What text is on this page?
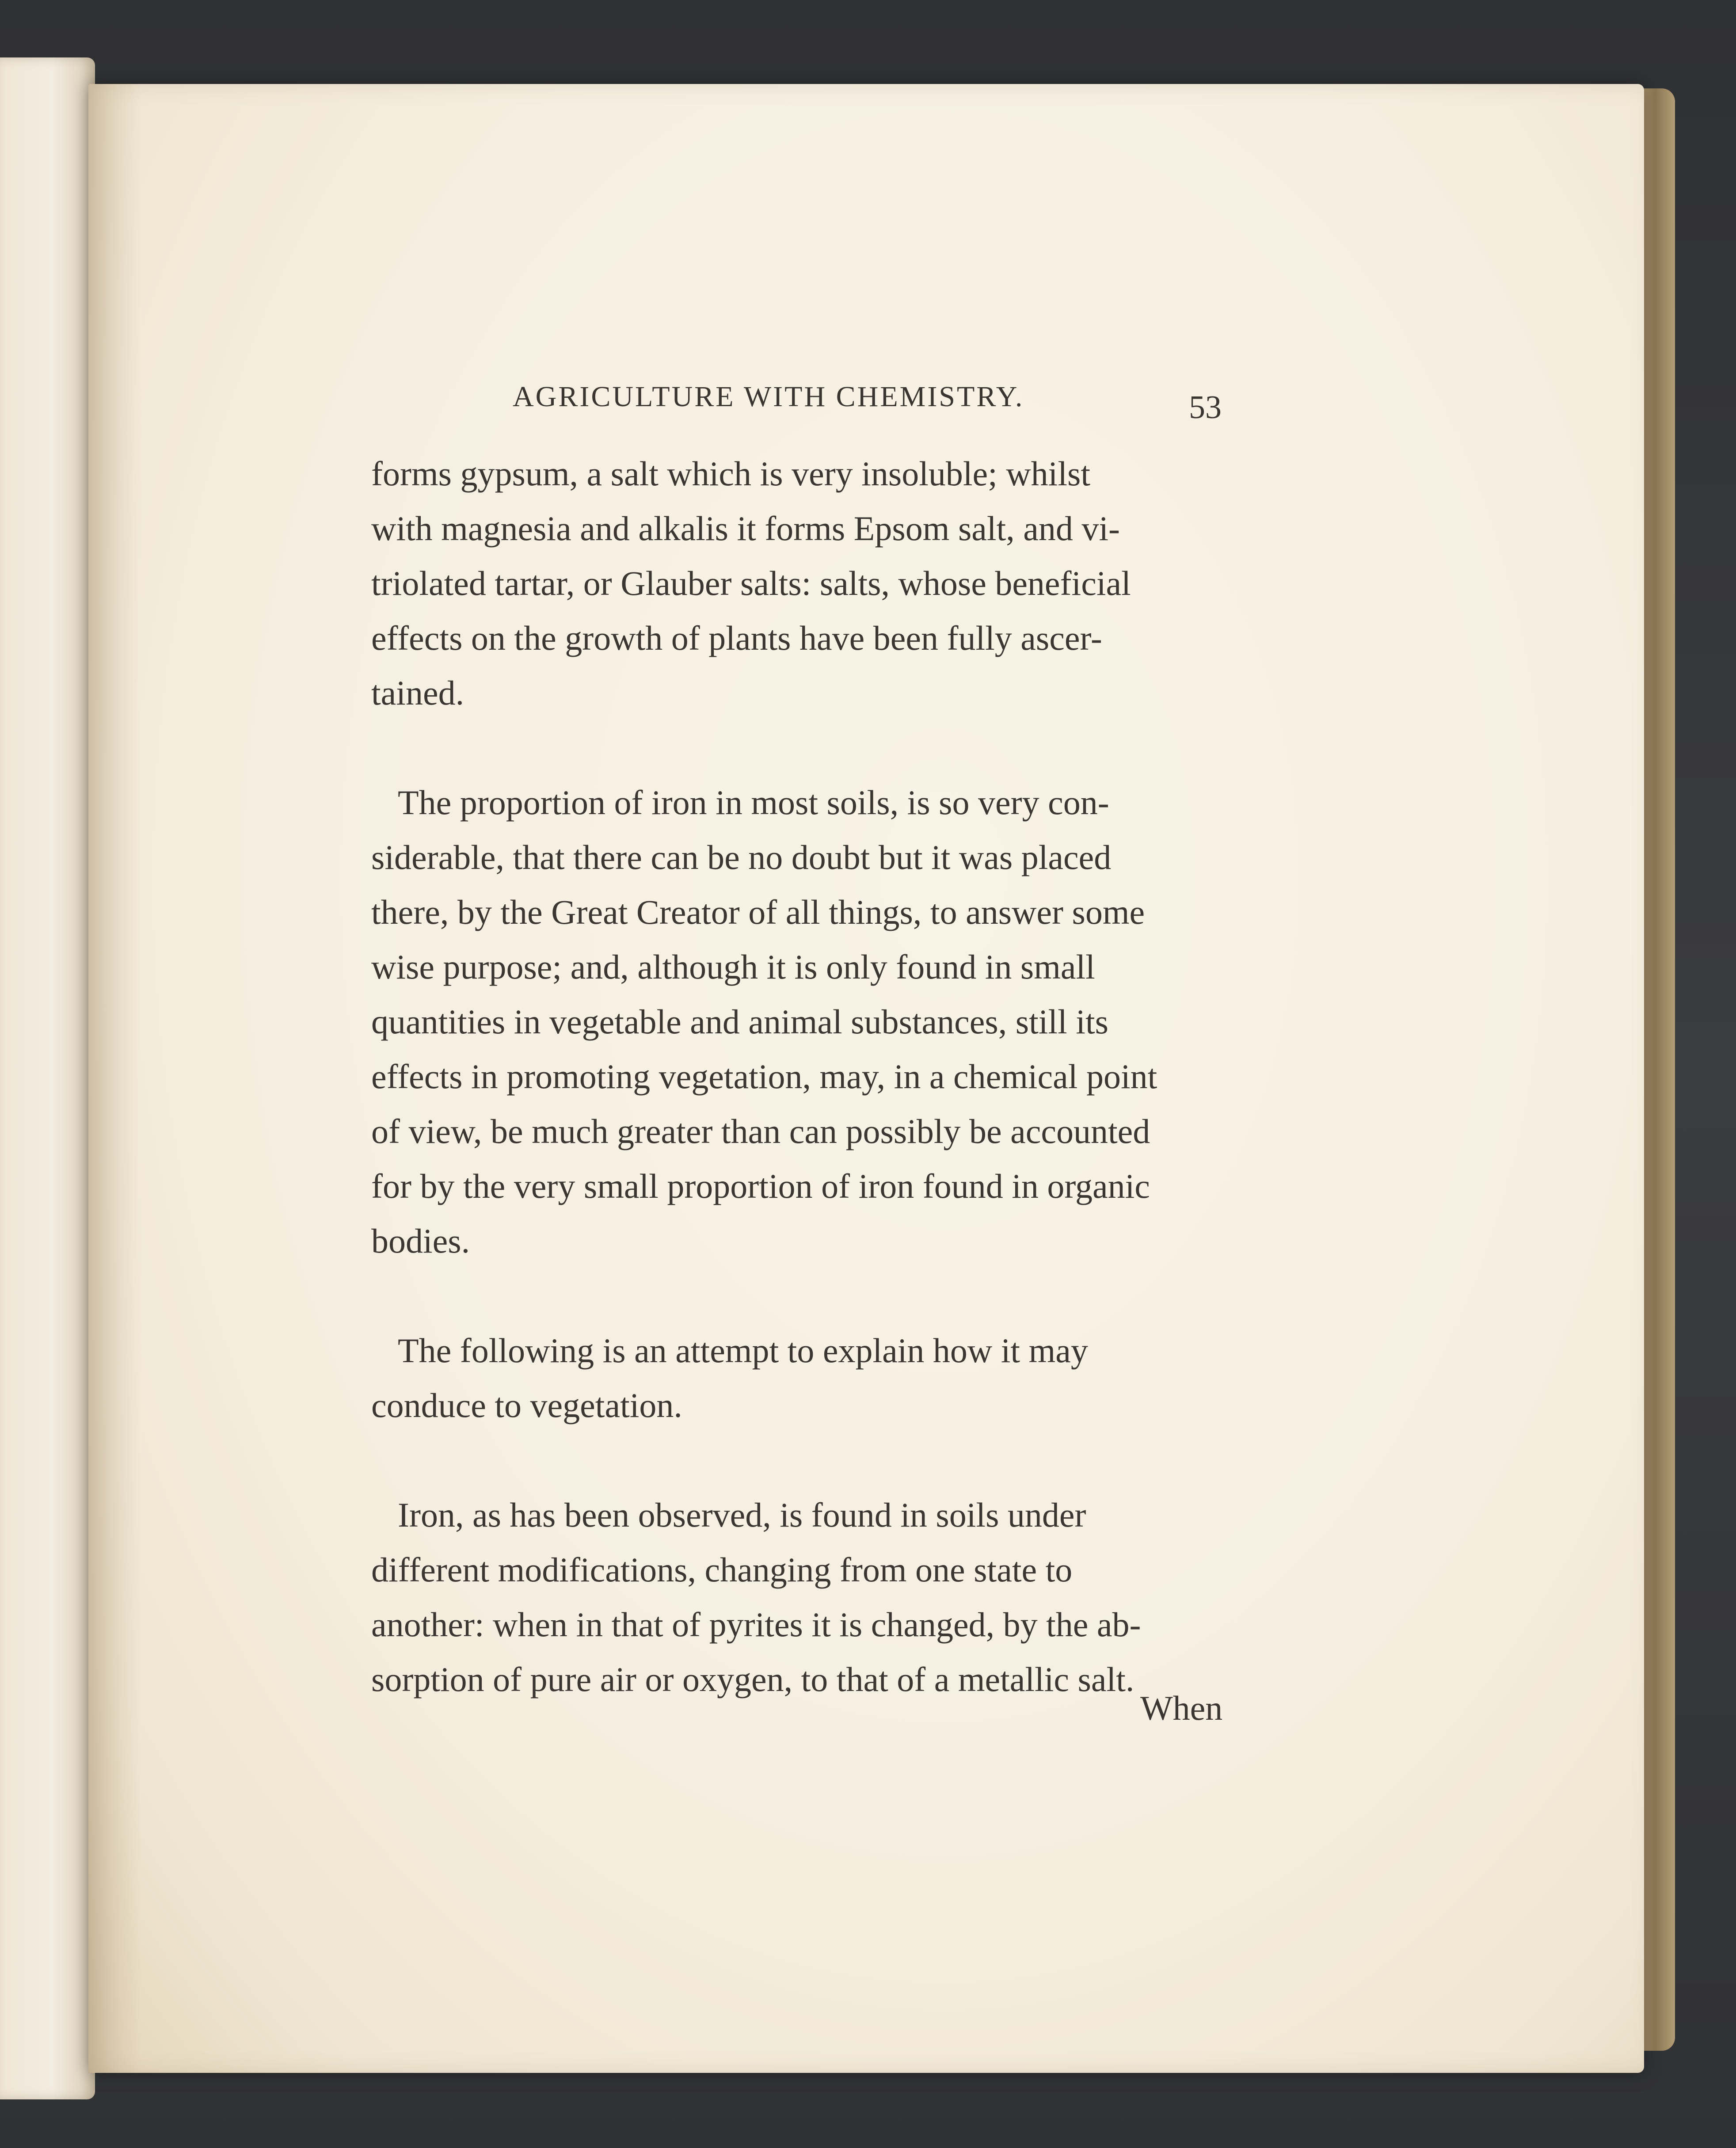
AGRICULTURE WITH CHEMISTRY.	53

forms gypsum, a salt which is very insoluble; whilst
with magnesia and alkalis it forms Epsom salt, and vi-
triolated tartar, or Glauber salts: salts, whose beneficial
effects on the growth of plants have been fully ascer-
tained.

The proportion of iron in most soils, is so very con-
siderable, that there can be no doubt but it was placed
there, by the Great Creator of all things, to answer some
wise purpose; and, although it is only found in small
quantities in vegetable and animal substances, still its
effects in promoting vegetation, may, in a chemical point
of view, be much greater than can possibly be accounted
for by the very small proportion of iron found in organic
bodies.

The following is an attempt to explain how it may
conduce to vegetation.

Iron, as has been observed, is found in soils under
different modifications, changing from one state to
another: when in that of pyrites it is changed, by the ab-
sorption of pure air or oxygen, to that of a metallic salt.

When
